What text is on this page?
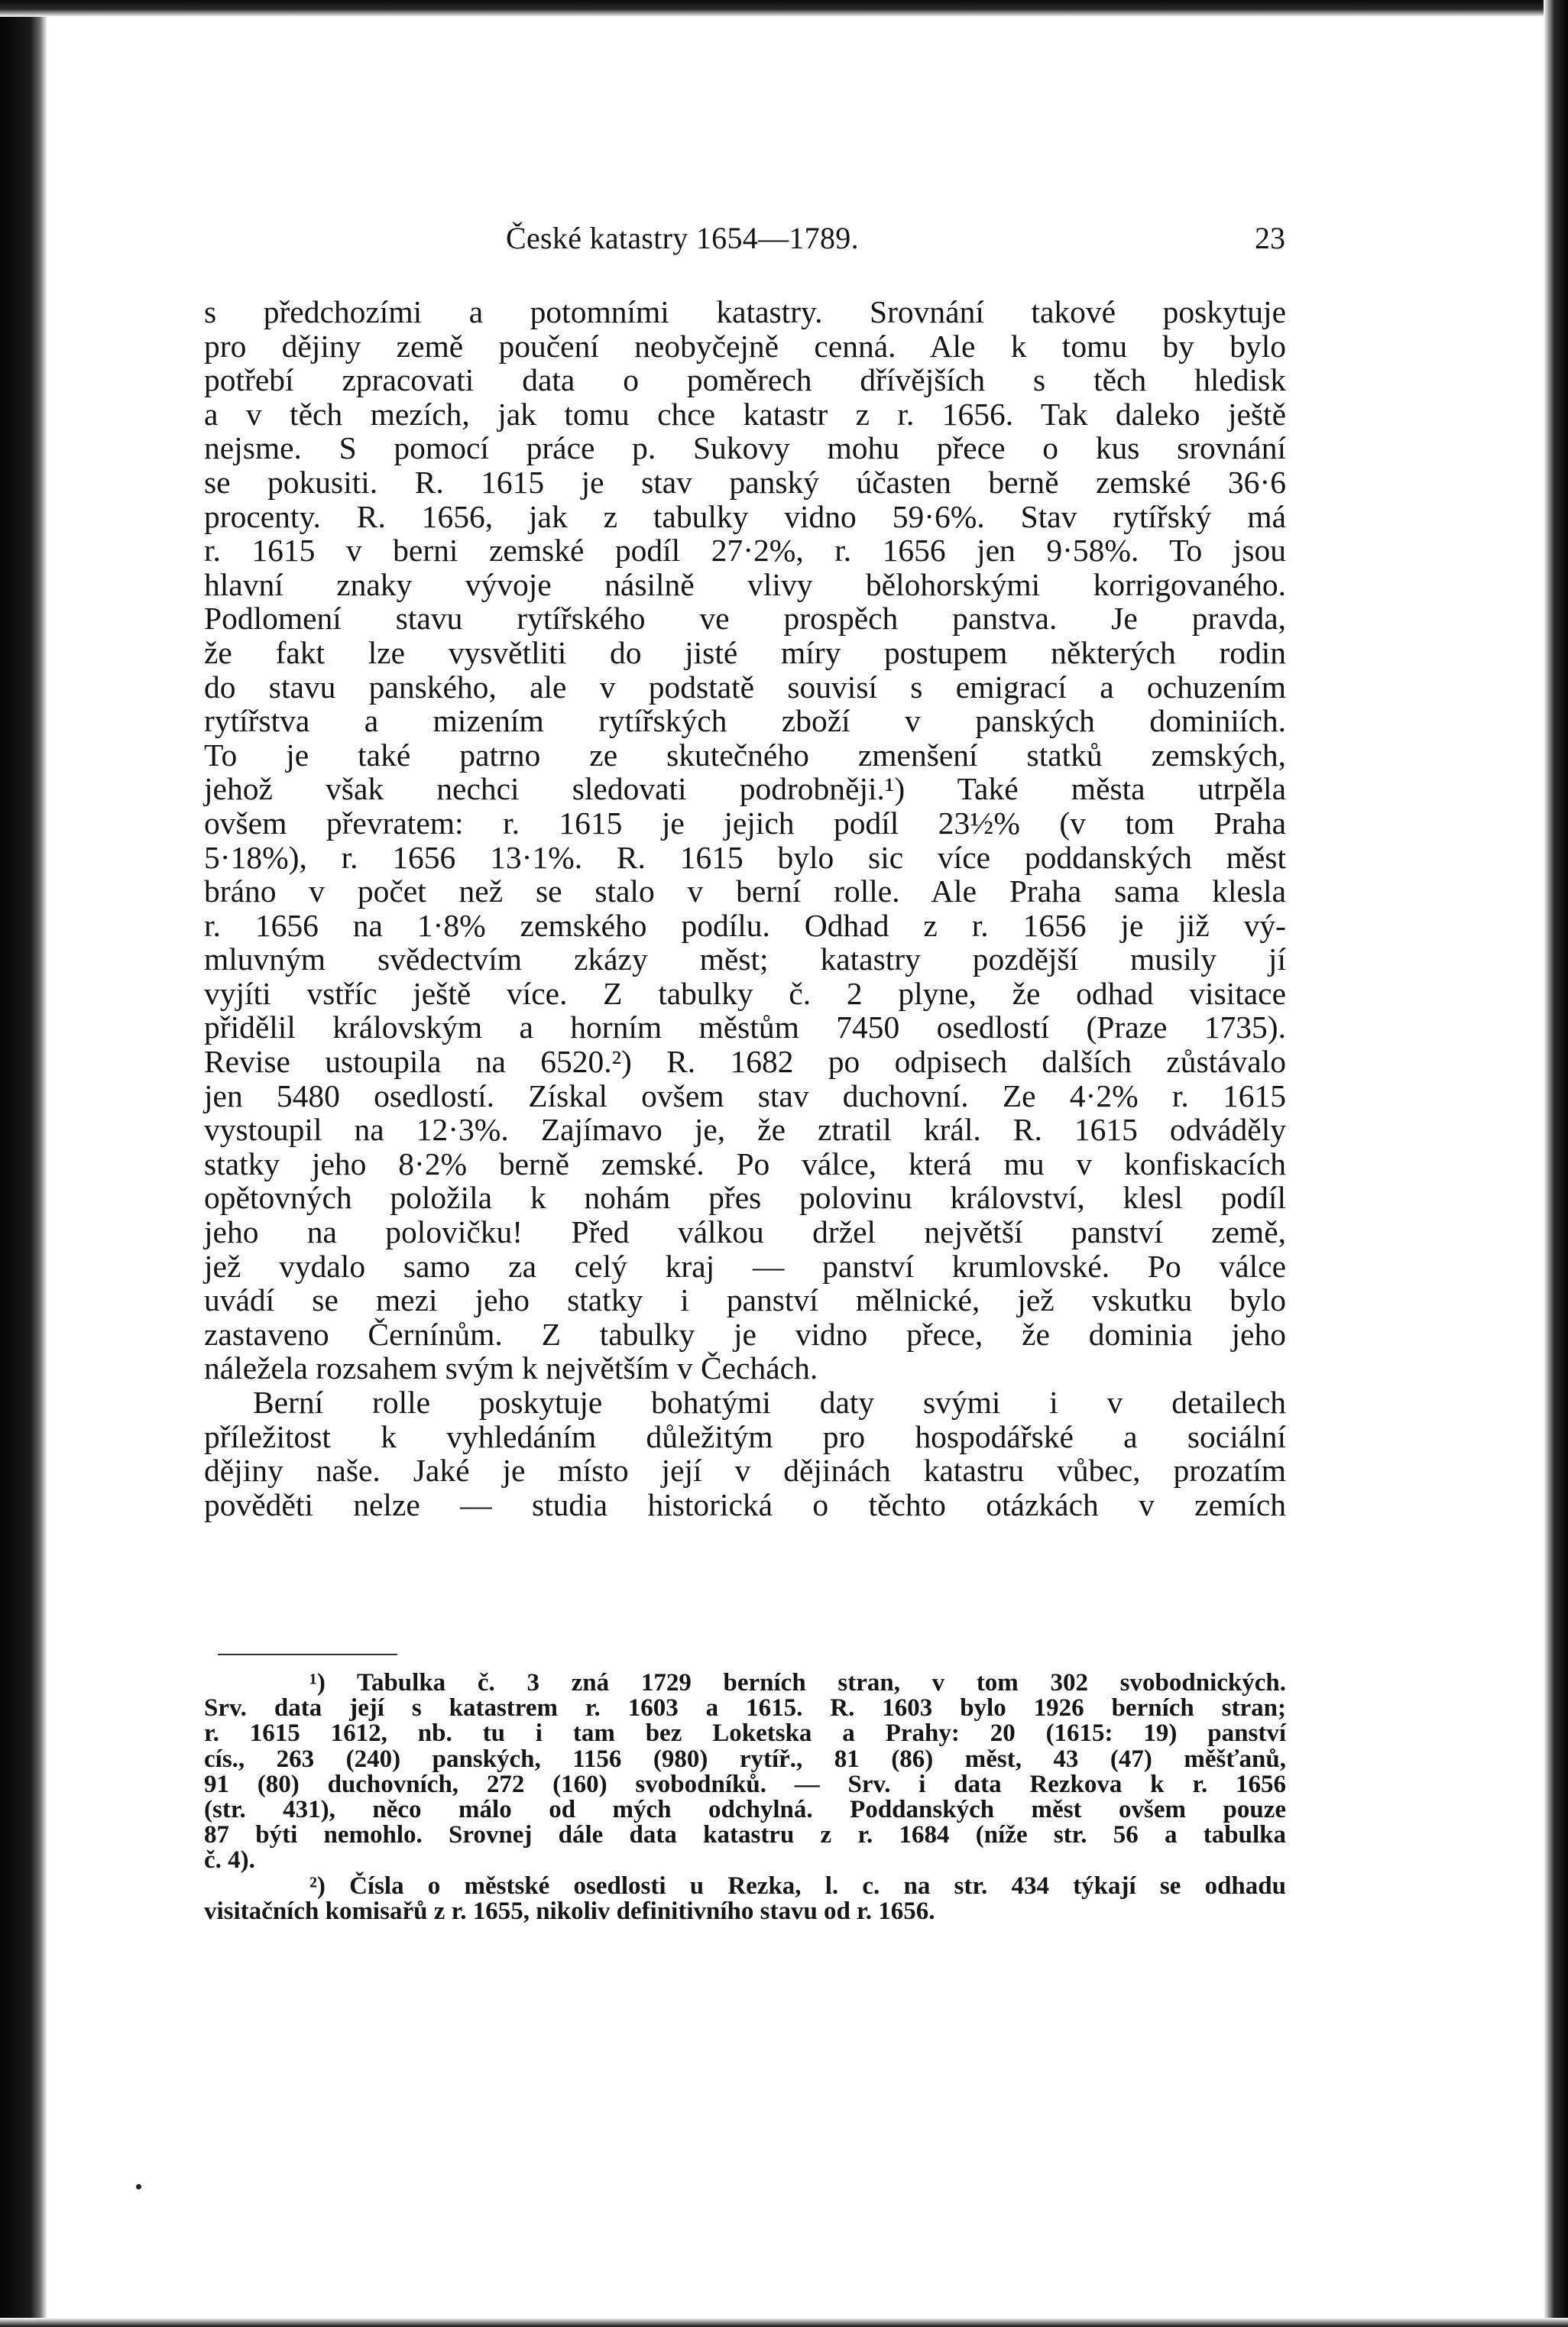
České katastry 1654—1789.	23
s předchozími a potomními katastry. Srovnání takové poskytuje
pro dějiny země poučení neobyčejně cenná. Ale k tomu by bylo
potřebí zpracovati data o poměrech dřívějších s těch hledisk
a v těch mezích, jak tomu chce katastr z r. 1656. Tak daleko ještě
nejsme. S pomocí práce p. Sukovy mohu přece o kus srovnání
se pokusiti. R. 1615 je stav panský účasten berně zemské 36·6
procenty. R. 1656, jak z tabulky vidno 59·6%. Stav rytířský má
r. 1615 v berni zemské podíl 27·2%, r. 1656 jen 9·58%. To jsou
hlavní znaky vývoje násilně vlivy bělohorskými korrigovaného.
Podlomení stavu rytířského ve prospěch panstva. Je pravda,
že fakt lze vysvětliti do jisté míry postupem některých rodin
do stavu panského, ale v podstatě souvisí s emigrací a ochuzením
rytířstva a mizením rytířských zboží v panských dominiích.
To je také patrno ze skutečného zmenšení statků zemských,
jehož však nechci sledovati podrobněji.¹) Také města utrpěla
ovšem převratem: r. 1615 je jejich podíl 23½% (v tom Praha
5·18%), r. 1656 13·1%. R. 1615 bylo sic více poddanských měst
bráno v počet než se stalo v berní rolle. Ale Praha sama klesla
r. 1656 na 1·8% zemského podílu. Odhad z r. 1656 je již vý-
mluvným svědectvím zkázy měst; katastry pozdější musily jí
vyjíti vstříc ještě více. Z tabulky č. 2 plyne, že odhad visitace
přidělil královským a horním městům 7450 osedlostí (Praze 1735).
Revise ustoupila na 6520.²) R. 1682 po odpisech dalších zůstávalo
jen 5480 osedlostí. Získal ovšem stav duchovní. Ze 4·2% r. 1615
vystoupil na 12·3%. Zajímavo je, že ztratil král. R. 1615 odváděly
statky jeho 8·2% berně zemské. Po válce, která mu v konfiskacích
opětovných položila k nohám přes polovinu království, klesl podíl
jeho na polovičku! Před válkou držel největší panství země,
jež vydalo samo za celý kraj — panství krumlovské. Po válce
uvádí se mezi jeho statky i panství mělnické, jež vskutku bylo
zastaveno Černínům. Z tabulky je vidno přece, že dominia jeho
náležela rozsahem svým k největším v Čechách.
Berní rolle poskytuje bohatými daty svými i v detailech
příležitost k vyhledáním důležitým pro hospodářské a sociální
dějiny naše. Jaké je místo její v dějinách katastru vůbec, prozatím
pověděti nelze — studia historická o těchto otázkách v zemích
¹) Tabulka č. 3 zná 1729 berních stran, v tom 302 svobodnických.
Srv. data její s katastrem r. 1603 a 1615. R. 1603 bylo 1926 berních stran;
r. 1615 1612, nb. tu i tam bez Loketska a Prahy: 20 (1615: 19) panství
cís., 263 (240) panských, 1156 (980) rytíř., 81 (86) měst, 43 (47) měšťanů,
91 (80) duchovních, 272 (160) svobodníků. — Srv. i data Rezkova k r. 1656
(str. 431), něco málo od mých odchylná. Poddanských měst ovšem pouze
87 býti nemohlo. Srovnej dále data katastru z r. 1684 (níže str. 56 a tabulka
č. 4).
²) Čísla o městské osedlosti u Rezka, l. c. na str. 434 týkají se odhadu
visitačních komisařů z r. 1655, nikoliv definitivního stavu od r. 1656.
